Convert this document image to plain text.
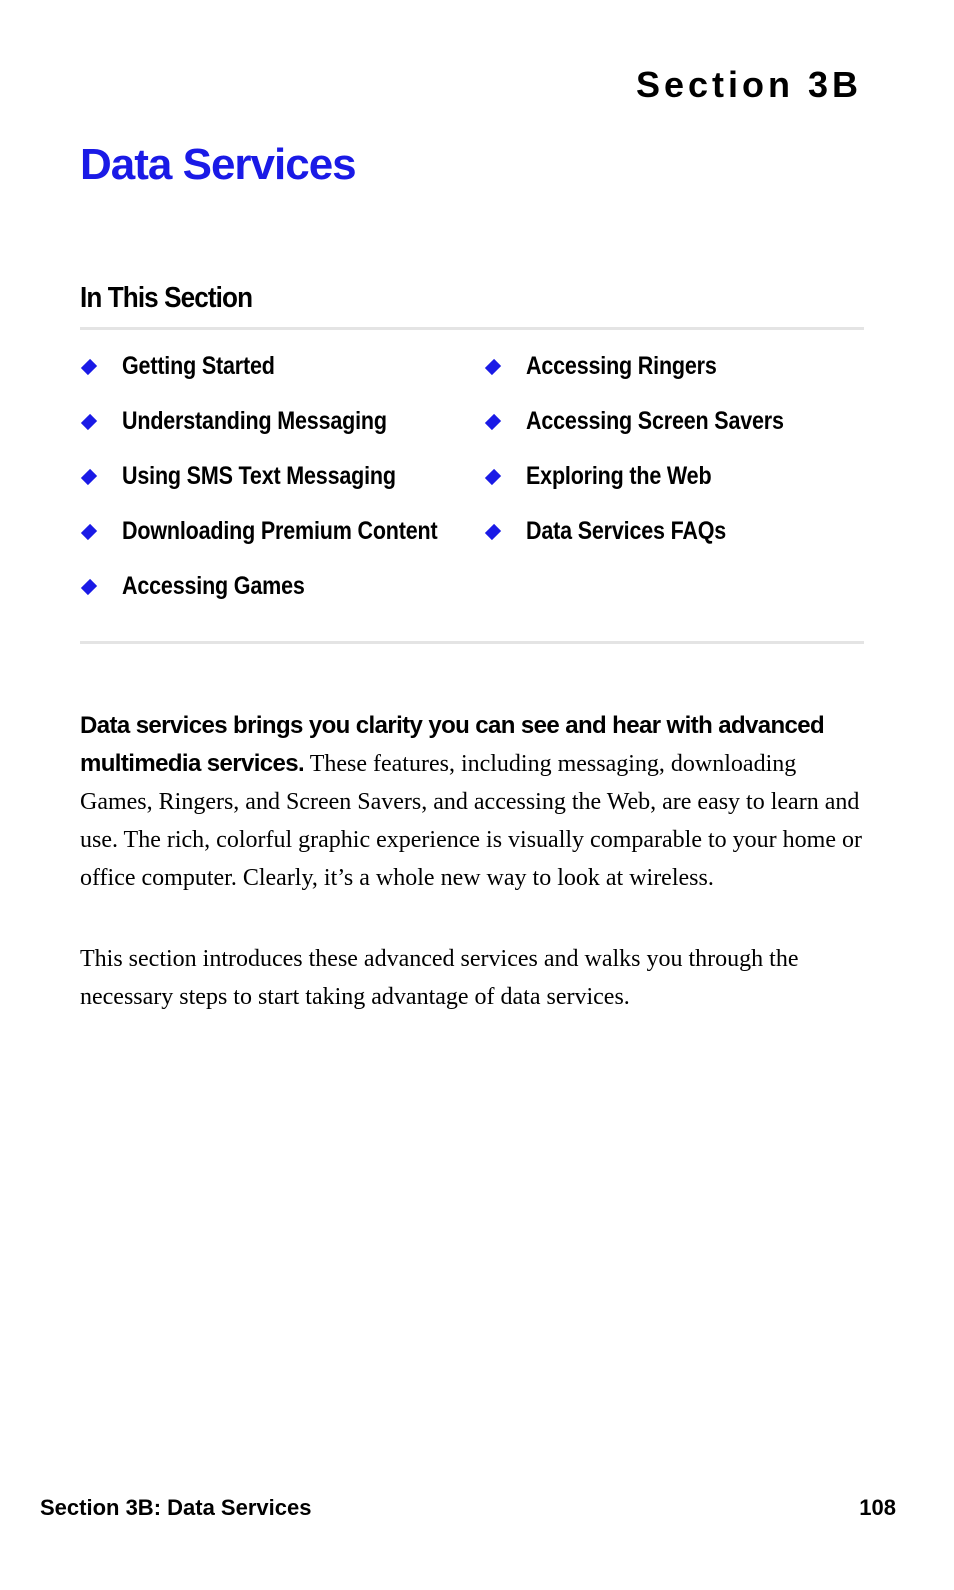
Section 3B
Data Services
In This Section
Getting Started
Understanding Messaging
Using SMS Text Messaging
Downloading Premium Content
Accessing Games
Accessing Ringers
Accessing Screen Savers
Exploring the Web
Data Services FAQs
Data services brings you clarity you can see and hear with advanced multimedia services. These features, including messaging, downloading Games, Ringers, and Screen Savers, and accessing the Web, are easy to learn and use. The rich, colorful graphic experience is visually comparable to your home or office computer. Clearly, it’s a whole new way to look at wireless.
This section introduces these advanced services and walks you through the necessary steps to start taking advantage of data services.
Section 3B: Data Services	108
